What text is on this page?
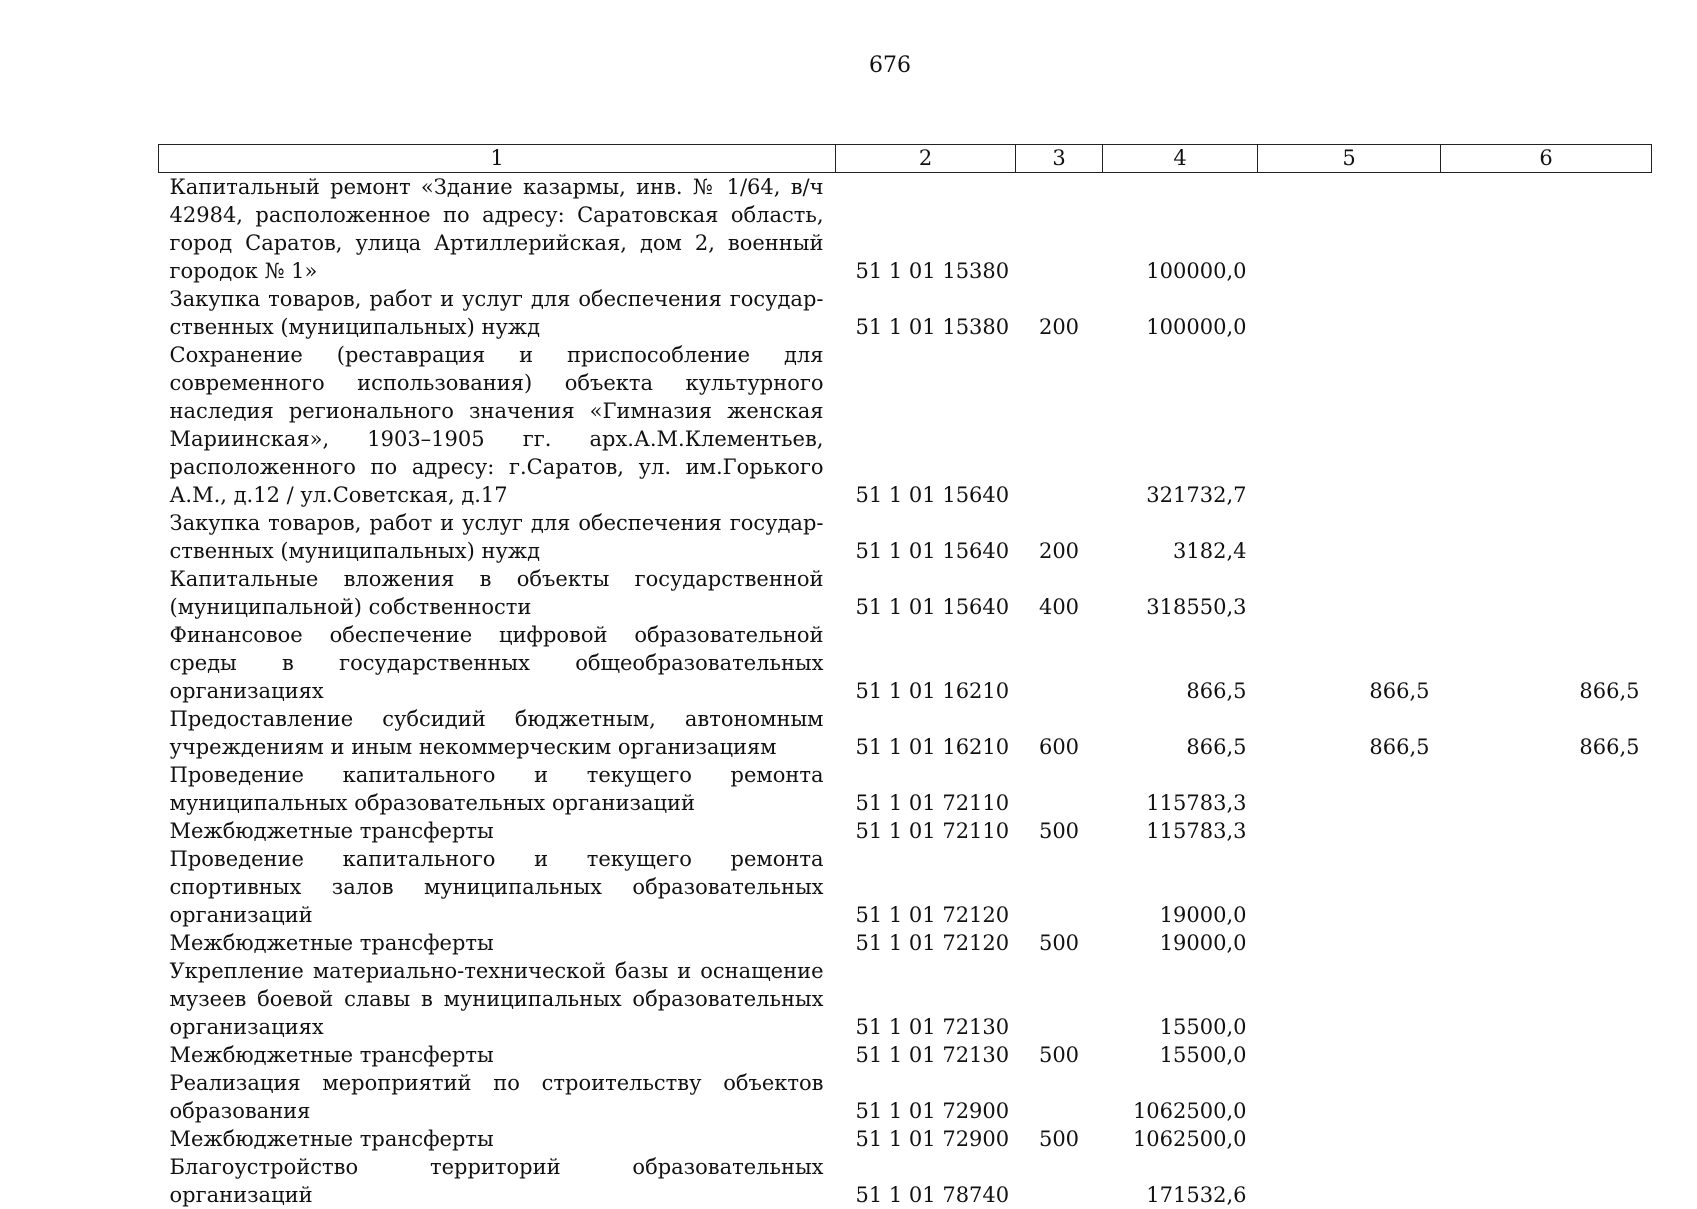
676
1	2	3	4	5	6
Капитальный ремонт «Здание казармы, инв. № 1/64, в/ч 42984, расположенное по адресу: Саратовская область, город Саратов, улица Артиллерийская, дом 2, военный городок № 1»	51 1 01 15380		100000,0		
Закупка товаров, работ и услуг для обеспечения государственных (муниципальных) нужд	51 1 01 15380	200	100000,0		
Сохранение (реставрация и приспособление для современного использования) объекта культурного наследия регионального значения «Гимназия женская Мариинская», 1903–1905 гг. арх.А.М.Клементьев, расположенного по адресу: г.Саратов, ул. им.Горького А.М., д.12 / ул.Советская, д.17	51 1 01 15640		321732,7		
Закупка товаров, работ и услуг для обеспечения государственных (муниципальных) нужд	51 1 01 15640	200	3182,4		
Капитальные вложения в объекты государственной (муниципальной) собственности	51 1 01 15640	400	318550,3		
Финансовое обеспечение цифровой образовательной среды в государственных общеобразовательных организациях	51 1 01 16210		866,5	866,5	866,5
Предоставление субсидий бюджетным, автономным учреждениям и иным некоммерческим организациям	51 1 01 16210	600	866,5	866,5	866,5
Проведение капитального и текущего ремонта муниципальных образовательных организаций	51 1 01 72110		115783,3		
Межбюджетные трансферты	51 1 01 72110	500	115783,3		
Проведение капитального и текущего ремонта спортивных залов муниципальных образовательных организаций	51 1 01 72120		19000,0		
Межбюджетные трансферты	51 1 01 72120	500	19000,0		
Укрепление материально-технической базы и оснащение музеев боевой славы в муниципальных образовательных организациях	51 1 01 72130		15500,0		
Межбюджетные трансферты	51 1 01 72130	500	15500,0		
Реализация мероприятий по строительству объектов образования	51 1 01 72900		1062500,0		
Межбюджетные трансферты	51 1 01 72900	500	1062500,0		
Благоустройство территорий образовательных организаций	51 1 01 78740		171532,6		
